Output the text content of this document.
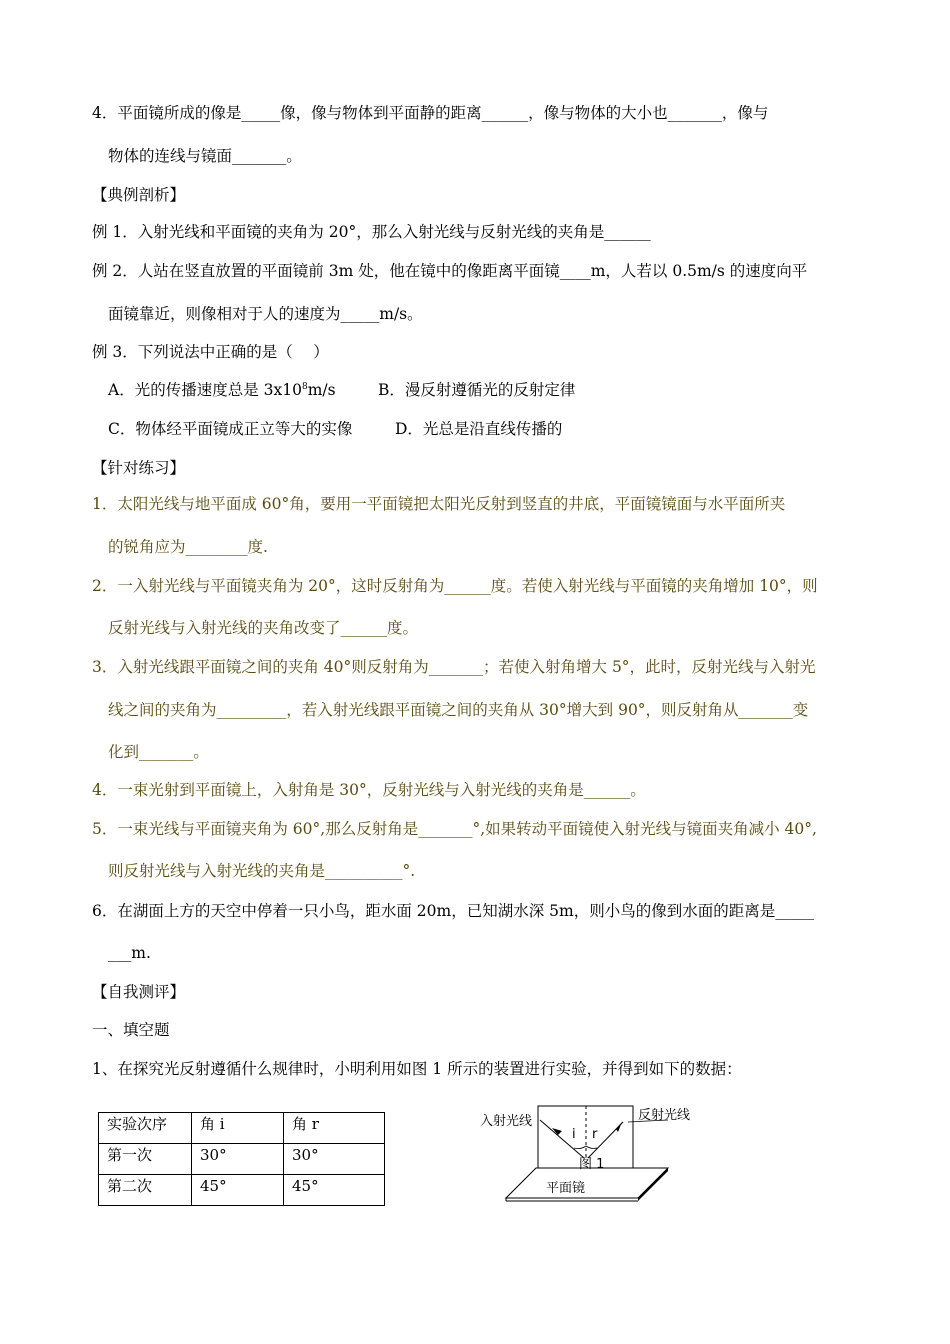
4．平面镜所成的像是_____像，像与物体到平面静的距离______，像与物体的大小也_______，像与
物体的连线与镜面_______。
【典例剖析】
例 1．入射光线和平面镜的夹角为 20°，那么入射光线与反射光线的夹角是______
例 2．人站在竖直放置的平面镜前 3m 处，他在镜中的像距离平面镜____m，人若以 0.5m/s 的速度向平
面镜靠近，则像相对于人的速度为_____m/s。
例 3．下列说法中正确的是（　 ）
A．光的传播速度总是 $3x10^8m/s$	B．漫反射遵循光的反射定律
C．物体经平面镜成正立等大的实像	D．光总是沿直线传播的
【针对练习】
1．太阳光线与地平面成 60°角，要用一平面镜把太阳光反射到竖直的井底，平面镜镜面与水平面所夹
的锐角应为________度.
2．一入射光线与平面镜夹角为 20°，这时反射角为______度。若使入射光线与平面镜的夹角增加 10°，则
反射光线与入射光线的夹角改变了______度。
3．入射光线跟平面镜之间的夹角 40°则反射角为_______；若使入射角增大 5°，此时，反射光线与入射光
线之间的夹角为_________，若入射光线跟平面镜之间的夹角从 30°增大到 90°，则反射角从_______变
化到_______。
4．一束光射到平面镜上，入射角是 30°，反射光线与入射光线的夹角是______。
5．一束光线与平面镜夹角为 60°,那么反射角是_______°,如果转动平面镜使入射光线与镜面夹角减小 40°,
则反射光线与入射光线的夹角是__________°.
6．在湖面上方的天空中停着一只小鸟，距水面 20m，已知湖水深 5m，则小鸟的像到水面的距离是_____
___m.
【自我测评】
一、填空题
1、在探究光反射遵循什么规律时，小明利用如图 1 所示的装置进行实验，并得到如下的数据：
实验次序	角 i	角 r
第一次	30°	30°
第二次	45°	45°
入射光线	反射光线
i r
图 1
平面镜
